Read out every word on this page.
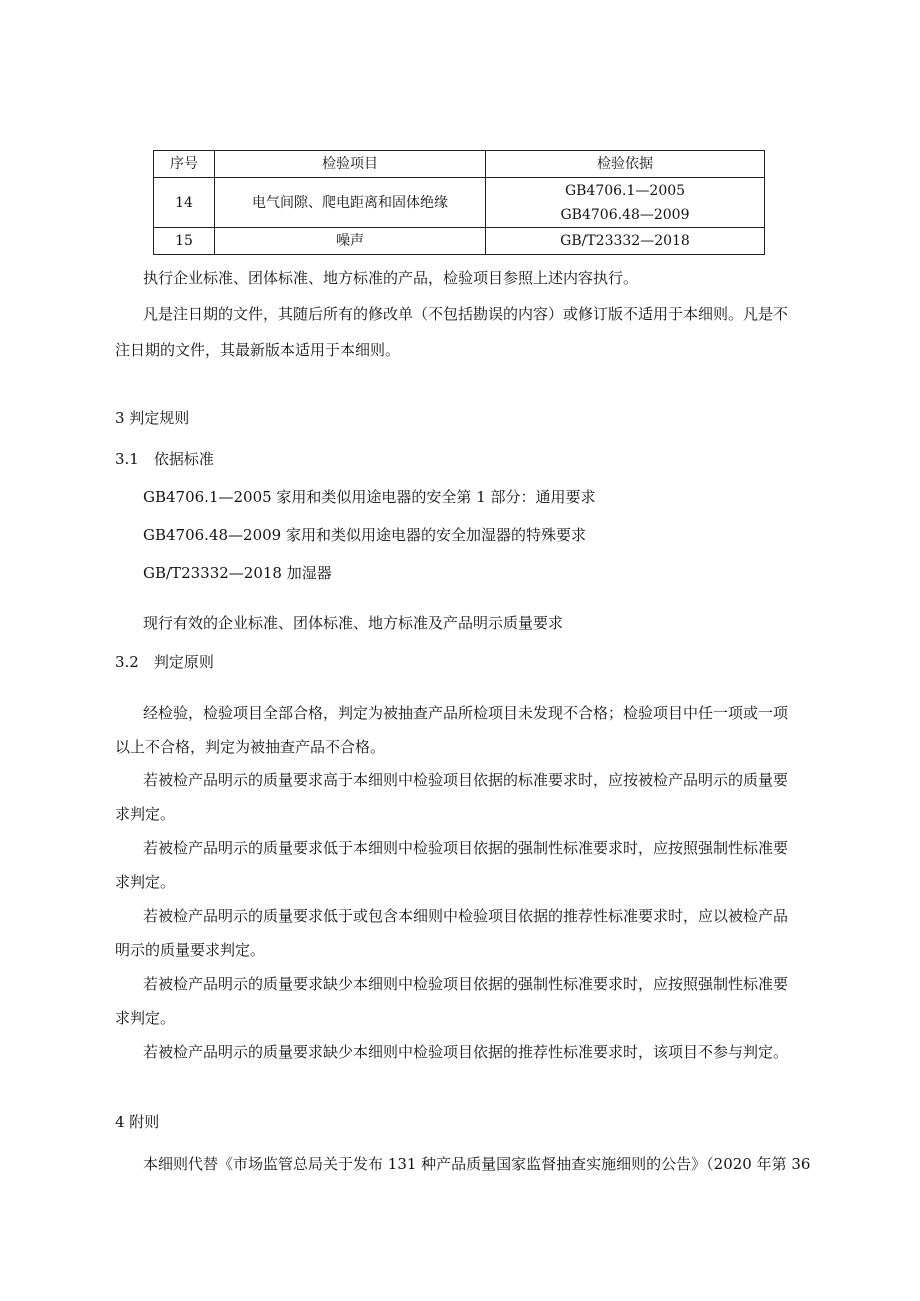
序号	检验项目	检验依据
14	电气间隙、爬电距离和固体绝缘	GB4706.1—2005
GB4706.48—2009

15	噪声	GB/T23332—2018
执行企业标准、团体标准、地方标准的产品，检验项目参照上述内容执行。
凡是注日期的文件，其随后所有的修改单（不包括勘误的内容）或修订版不适用于本细则。凡是不
注日期的文件，其最新版本适用于本细则。
3 判定规则
3.1　依据标准
GB4706.1—2005 家用和类似用途电器的安全第 1 部分：通用要求
GB4706.48—2009 家用和类似用途电器的安全加湿器的特殊要求
GB/T23332—2018 加湿器
现行有效的企业标准、团体标准、地方标准及产品明示质量要求
3.2　判定原则
经检验，检验项目全部合格，判定为被抽查产品所检项目未发现不合格；检验项目中任一项或一项
以上不合格，判定为被抽查产品不合格。
若被检产品明示的质量要求高于本细则中检验项目依据的标准要求时，应按被检产品明示的质量要
求判定。
若被检产品明示的质量要求低于本细则中检验项目依据的强制性标准要求时，应按照强制性标准要
求判定。
若被检产品明示的质量要求低于或包含本细则中检验项目依据的推荐性标准要求时，应以被检产品
明示的质量要求判定。
若被检产品明示的质量要求缺少本细则中检验项目依据的强制性标准要求时，应按照强制性标准要
求判定。
若被检产品明示的质量要求缺少本细则中检验项目依据的推荐性标准要求时，该项目不参与判定。
4 附则
本细则代替《市场监管总局关于发布 131 种产品质量国家监督抽查实施细则的公告》（2020 年第 36
